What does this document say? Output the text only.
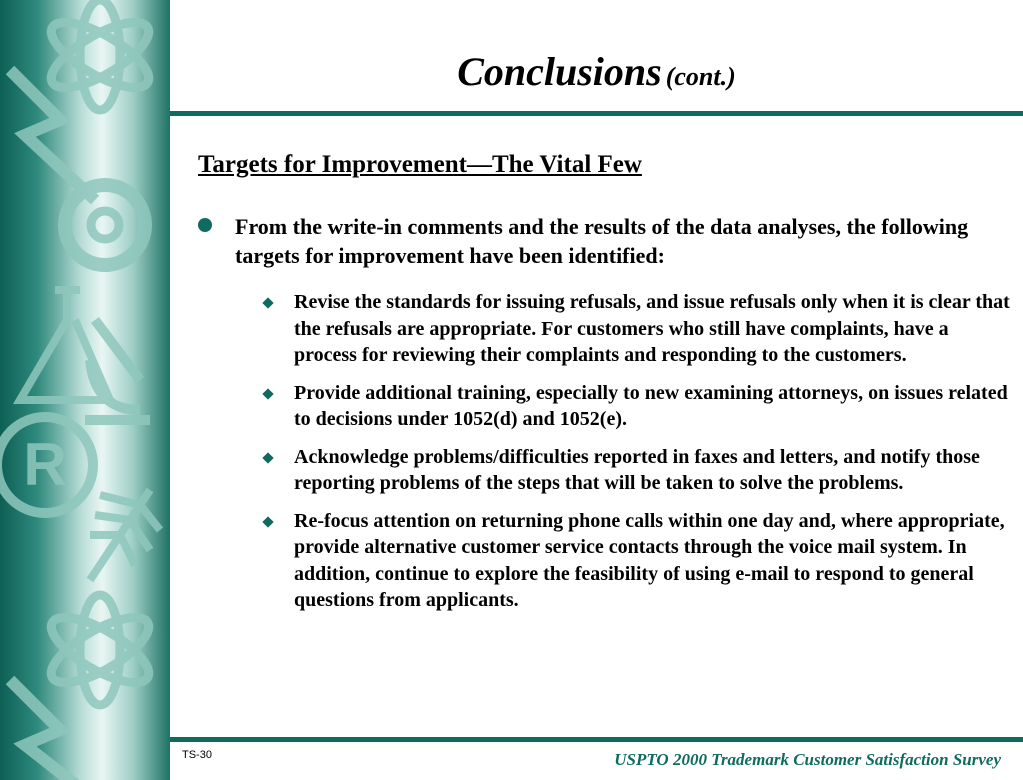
R
Conclusions (cont.)
Targets for Improvement—The Vital Few
From the write-in comments and the results of the data analyses, the following targets for improvement have been identified:
Revise the standards for issuing refusals, and issue refusals only when it is clear that the refusals are appropriate. For customers who still have complaints, have a process for reviewing their complaints and responding to the customers.
Provide additional training, especially to new examining attorneys, on issues related to decisions under 1052(d) and 1052(e).
Acknowledge problems/difficulties reported in faxes and letters, and notify those reporting problems of the steps that will be taken to solve the problems.
Re-focus attention on returning phone calls within one day and, where appropriate, provide alternative customer service contacts through the voice mail system. In addition, continue to explore the feasibility of using e-mail to respond to general questions from applicants.
TS-30	USPTO 2000 Trademark Customer Satisfaction Survey
